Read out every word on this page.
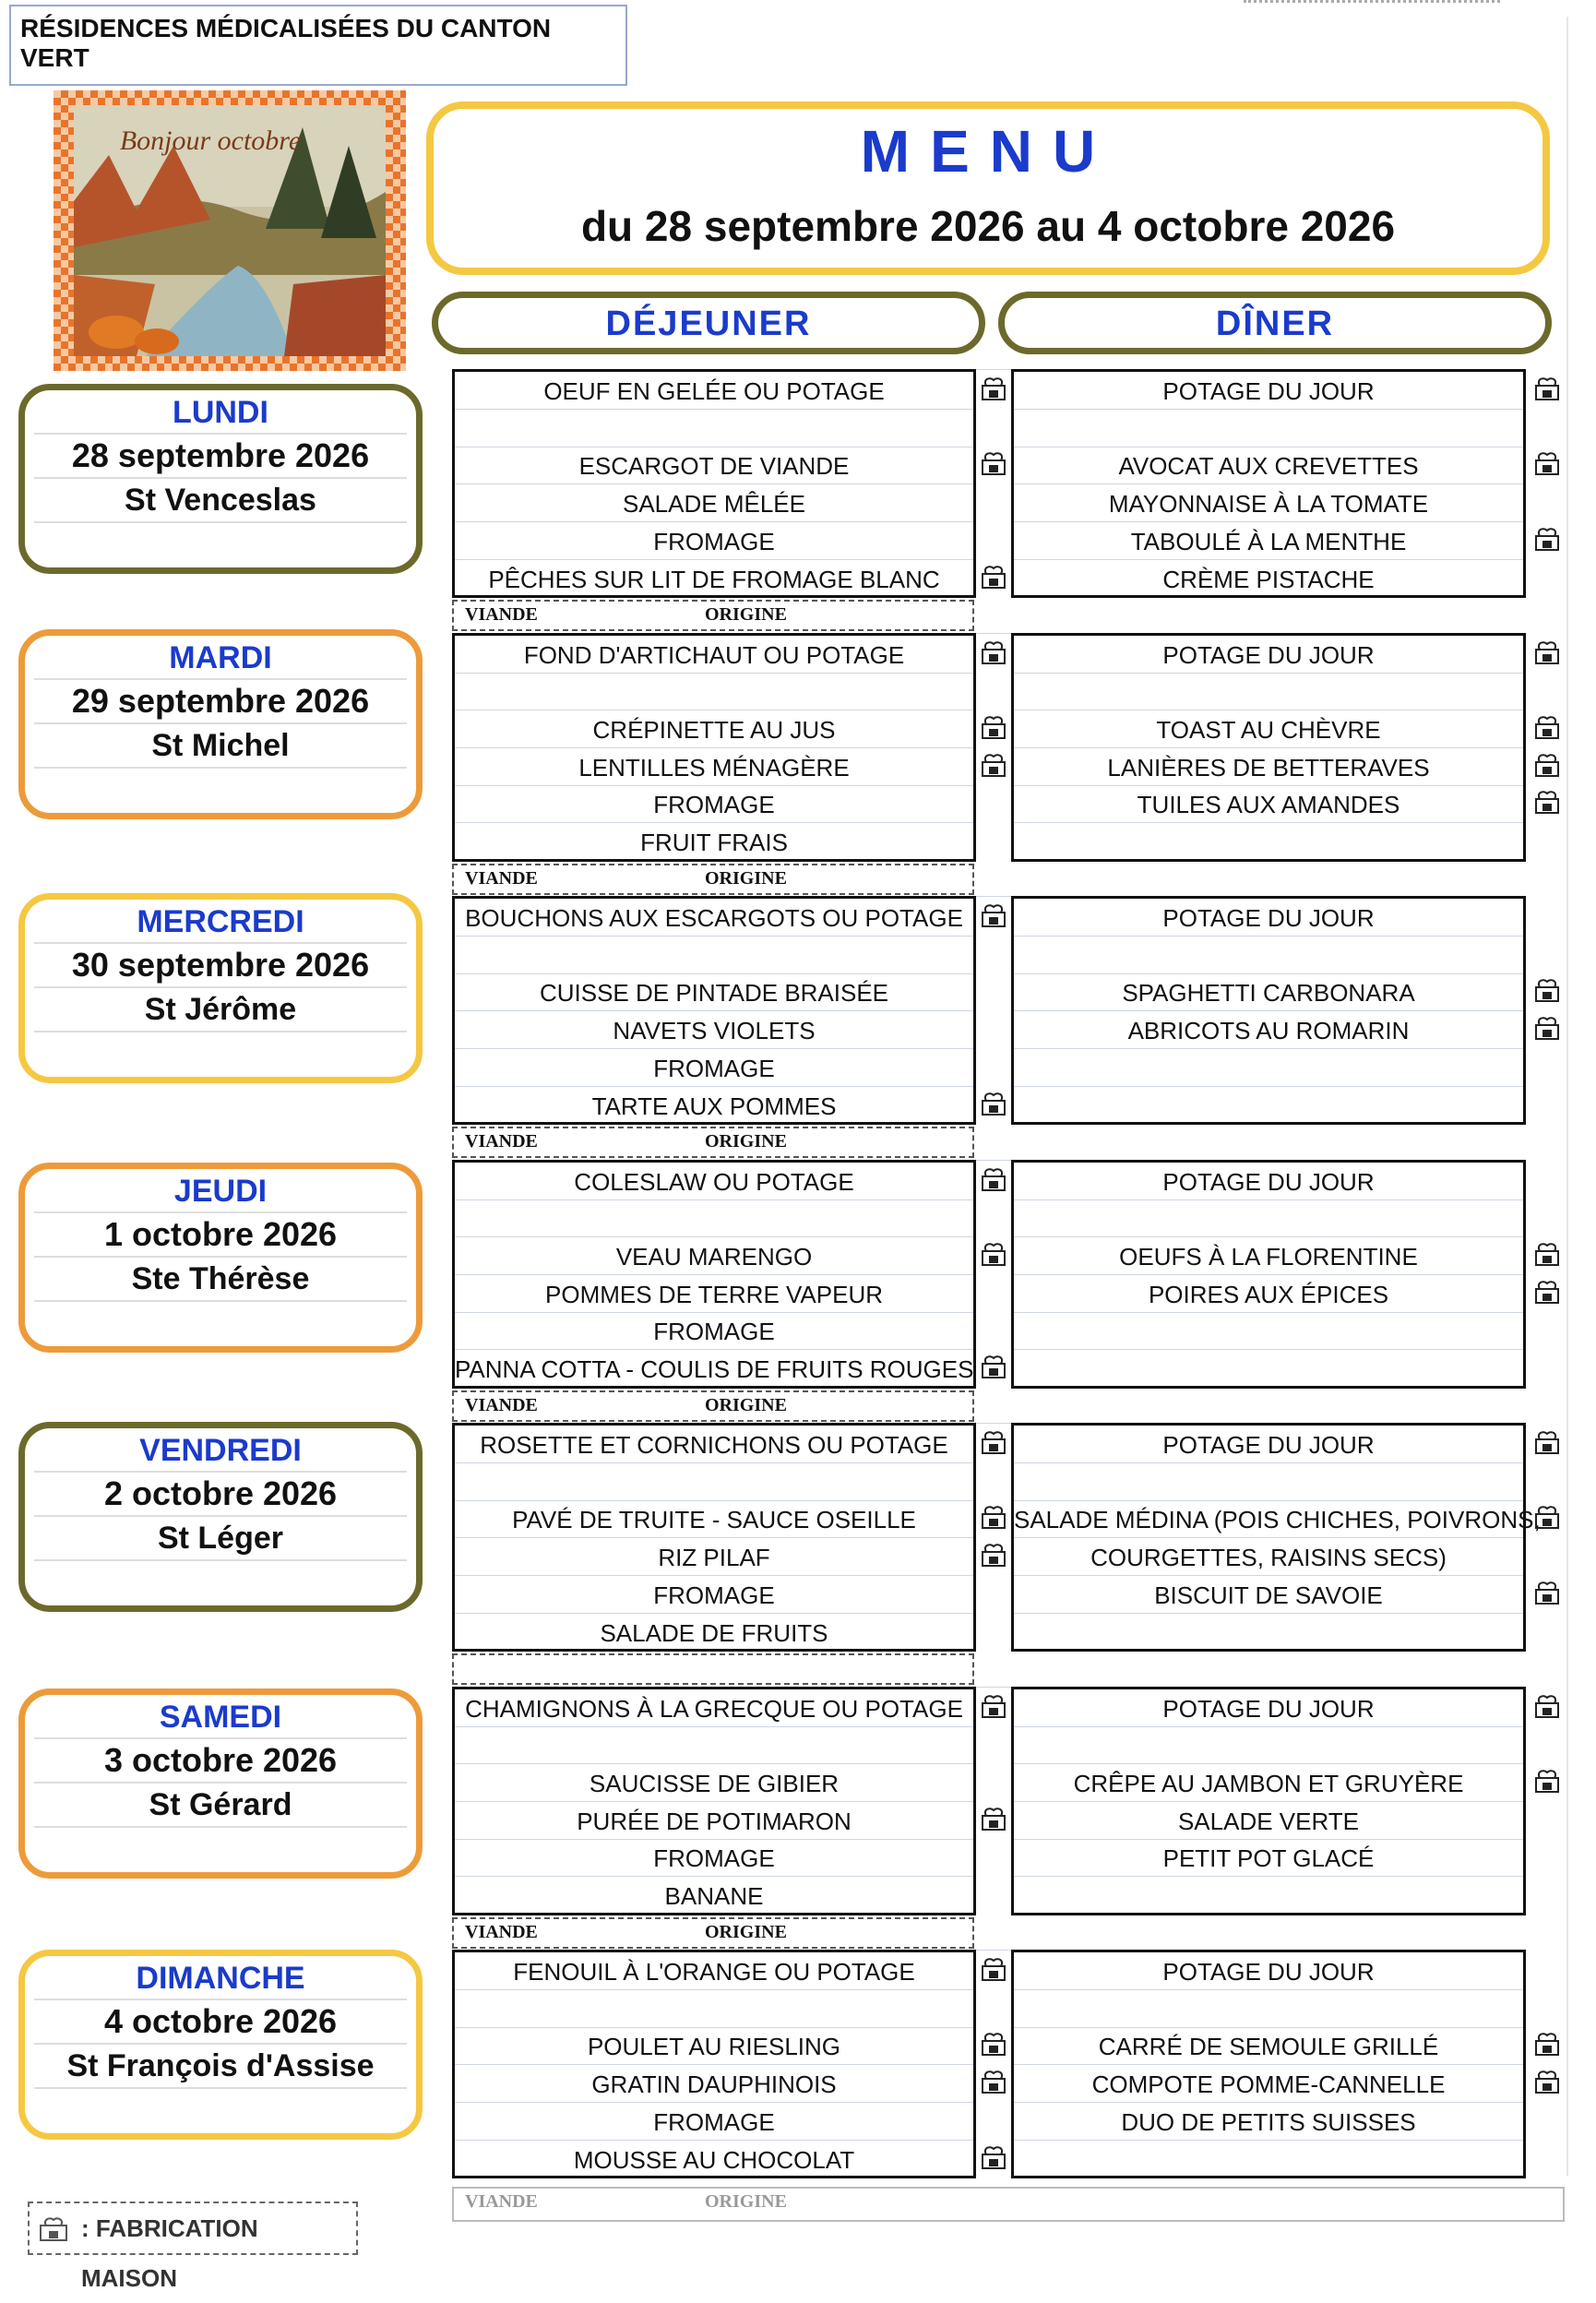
RÉSIDENCES MÉDICALISÉES DU CANTON VERT
Bonjour octobre	MENU
du 28 septembre 2026 au 4 octobre 2026
DÉJEUNER	DÎNER
LUNDI
28 septembre 2026
St Venceslas
OEUF EN GELÉE OU POTAGE
ESCARGOT DE VIANDE
SALADE MÊLÉE
FROMAGE
PÊCHES SUR LIT DE FROMAGE BLANC
POTAGE DU JOUR
AVOCAT AUX CREVETTES
MAYONNAISE À LA TOMATE
TABOULÉ À LA MENTHE
CRÈME PISTACHE
VIANDE	ORIGINE
MARDI
29 septembre 2026
St Michel
FOND D'ARTICHAUT OU POTAGE
CRÉPINETTE AU JUS
LENTILLES MÉNAGÈRE
FROMAGE
FRUIT FRAIS
POTAGE DU JOUR
TOAST AU CHÈVRE
LANIÈRES DE BETTERAVES
TUILES AUX AMANDES
VIANDE	ORIGINE
MERCREDI
30 septembre 2026
St Jérôme
BOUCHONS AUX ESCARGOTS OU POTAGE
CUISSE DE PINTADE BRAISÉE
NAVETS VIOLETS
FROMAGE
TARTE AUX POMMES
POTAGE DU JOUR
SPAGHETTI CARBONARA
ABRICOTS AU ROMARIN
VIANDE	ORIGINE
JEUDI
1 octobre 2026
Ste Thérèse
COLESLAW OU POTAGE
VEAU MARENGO
POMMES DE TERRE VAPEUR
FROMAGE
PANNA COTTA - COULIS DE FRUITS ROUGES
POTAGE DU JOUR
OEUFS À LA FLORENTINE
POIRES AUX ÉPICES
VIANDE	ORIGINE
VENDREDI
2 octobre 2026
St Léger
ROSETTE ET CORNICHONS OU POTAGE
PAVÉ DE TRUITE - SAUCE OSEILLE
RIZ PILAF
FROMAGE
SALADE DE FRUITS
POTAGE DU JOUR
SALADE MÉDINA (POIS CHICHES, POIVRONS,
COURGETTES, RAISINS SECS)
BISCUIT DE SAVOIE
SAMEDI
3 octobre 2026
St Gérard
CHAMIGNONS À LA GRECQUE OU POTAGE
SAUCISSE DE GIBIER
PURÉE DE POTIMARON
FROMAGE
BANANE
POTAGE DU JOUR
CRÊPE AU JAMBON ET GRUYÈRE
SALADE VERTE
PETIT POT GLACÉ
VIANDE	ORIGINE
DIMANCHE
4 octobre 2026
St François d'Assise
FENOUIL À L'ORANGE OU POTAGE
POULET AU RIESLING
GRATIN DAUPHINOIS
FROMAGE
MOUSSE AU CHOCOLAT
POTAGE DU JOUR
CARRÉ DE SEMOULE GRILLÉ
COMPOTE POMME-CANNELLE
DUO DE PETITS SUISSES
VIANDE	ORIGINE
: FABRICATION MAISON
